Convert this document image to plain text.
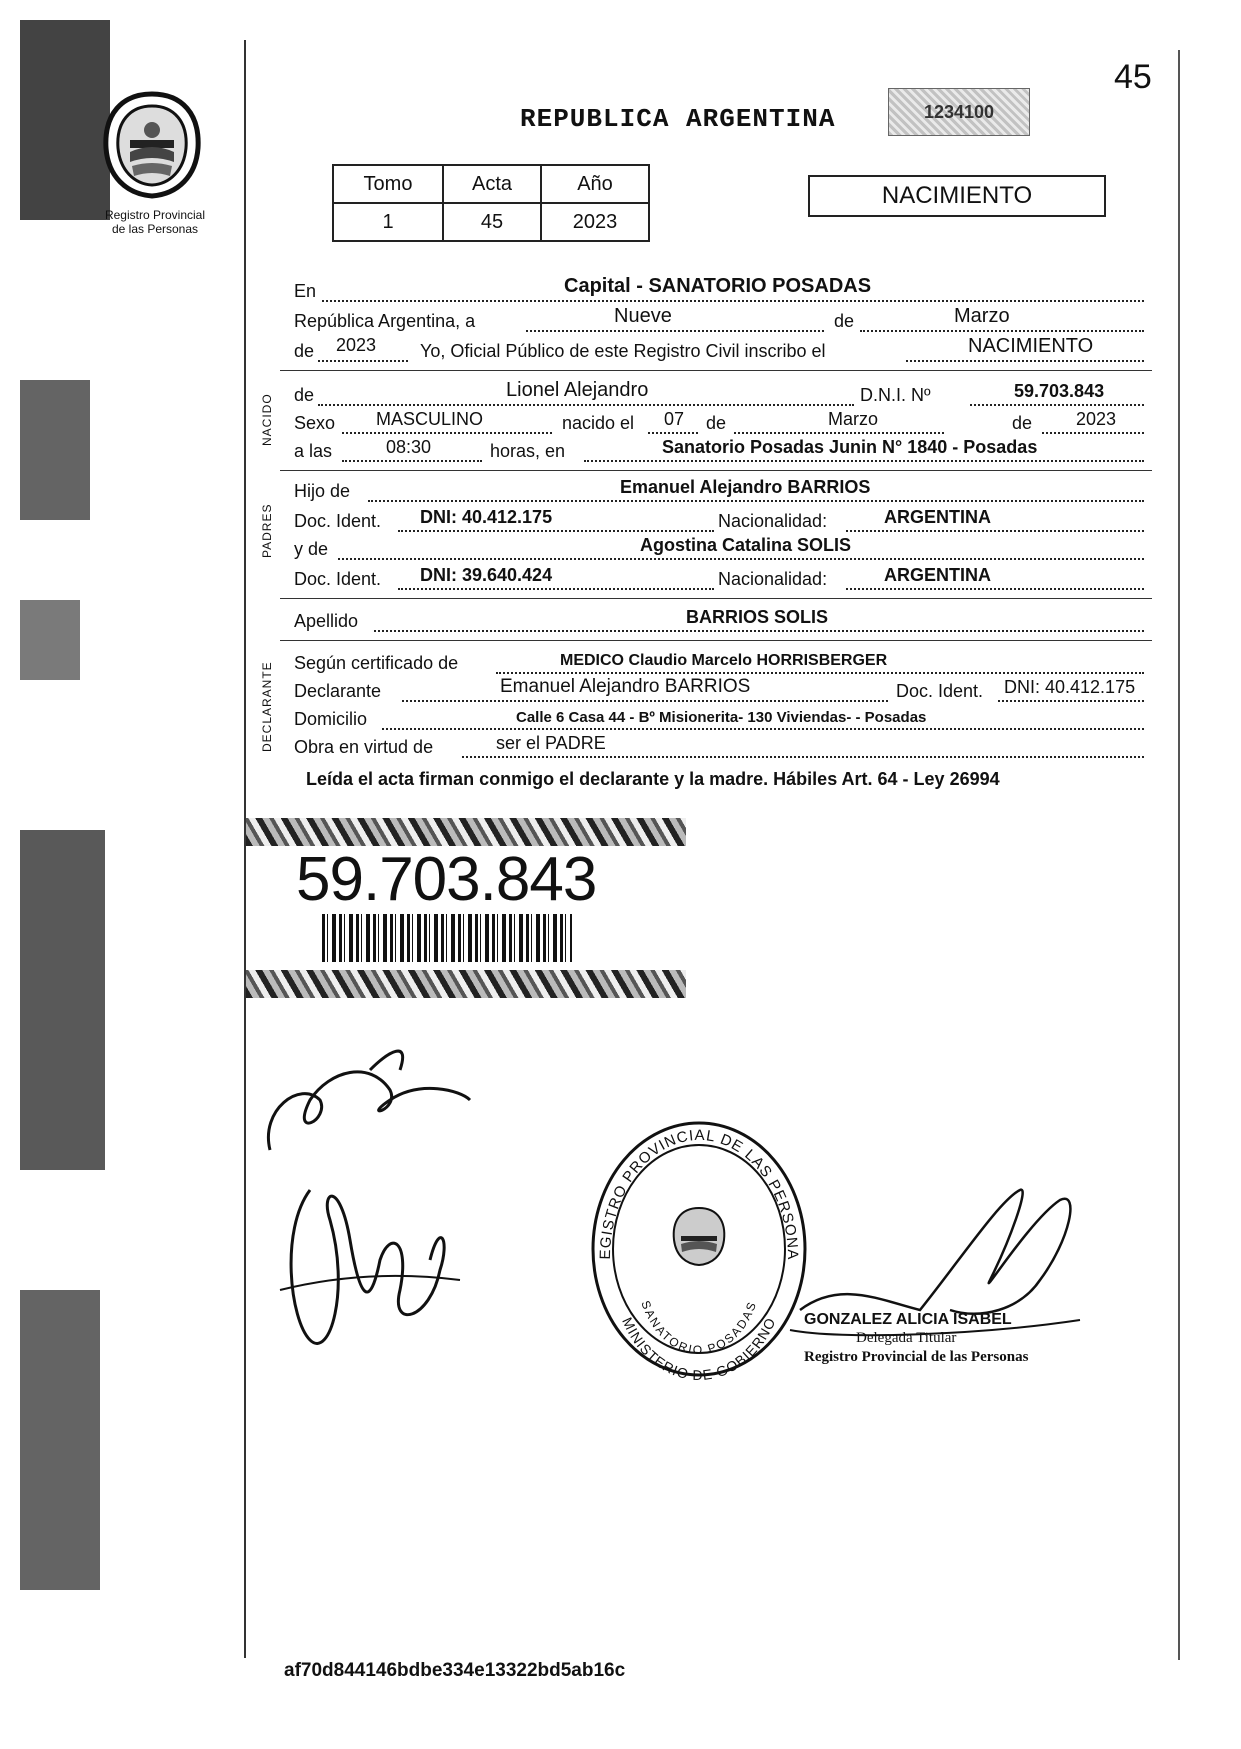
45
Registro Provincial
de las Personas
REPUBLICA ARGENTINA	1234100
Tomo	Acta	Año
1	45	2023
NACIMIENTO
En	Capital - SANATORIO POSADAS
República Argentina, a	Nueve	de	Marzo
de 2023 Yo, Oficial Público de este Registro Civil inscribo el	NACIMIENTO
NACIDO de	Lionel Alejandro	D.N.I. Nº	59.703.843
Sexo MASCULINO	nacido el 07 de	Marzo	de 2023
a las	08:30	horas, en	Sanatorio Posadas Junin N° 1840 - Posadas
PADRES
Hijo de	Emanuel Alejandro BARRIOS
Doc. Ident. DNI: 40.412.175	Nacionalidad:	ARGENTINA
y de	Agostina Catalina SOLIS
Doc. Ident. DNI: 39.640.424	Nacionalidad:	ARGENTINA
Apellido	BARRIOS SOLIS
DECLARANTE Según certificado de	MEDICO Claudio Marcelo HORRISBERGER
Declarante	Emanuel Alejandro BARRIOS	Doc. Ident. DNI: 40.412.175
Domicilio	Calle 6 Casa 44 - Bº Misionerita- 130 Viviendas- - Posadas
Obra en virtud de	ser el PADRE
Leída el acta firman conmigo el declarante y la madre. Hábiles Art. 64 - Ley 26994
59.703.843
EGISTRO PROVINCIAL DE LAS PERSONA
SANATORIO POSADAS
MINISTERIO DE GOBIERNO GONZALEZ ALICIA ISABEL
Delegada Titular
Registro Provincial de las Personas
af70d844146bdbe334e13322bd5ab16c
